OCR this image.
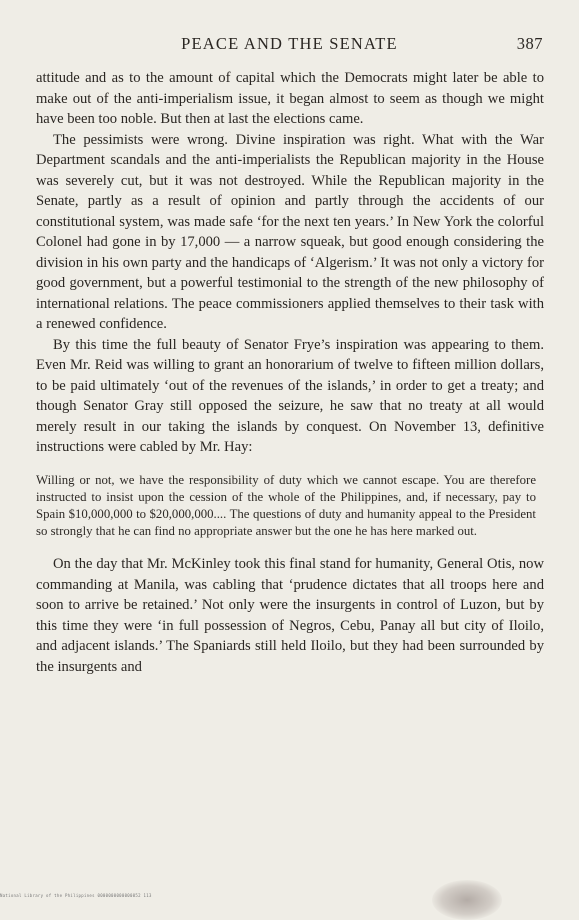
PEACE AND THE SENATE	387

attitude and as to the amount of capital which the Democrats might later be able to make out of the anti-imperialism issue, it began almost to seem as though we might have been too noble. But then at last the elections came.

The pessimists were wrong. Divine inspiration was right. What with the War Department scandals and the anti-imperialists the Republican majority in the House was severely cut, but it was not destroyed. While the Republican majority in the Senate, partly as a result of opinion and partly through the accidents of our constitutional system, was made safe ‘for the next ten years.’ In New York the colorful Colonel had gone in by 17,000 — a narrow squeak, but good enough considering the division in his own party and the handicaps of ‘Algerism.’ It was not only a victory for good government, but a powerful testimonial to the strength of the new philosophy of international relations. The peace commissioners applied themselves to their task with a renewed confidence.

By this time the full beauty of Senator Frye’s inspiration was appearing to them. Even Mr. Reid was willing to grant an honorarium of twelve to fifteen million dollars, to be paid ultimately ‘out of the revenues of the islands,’ in order to get a treaty; and though Senator Gray still opposed the seizure, he saw that no treaty at all would merely result in our taking the islands by conquest. On November 13, definitive instructions were cabled by Mr. Hay:

Willing or not, we have the responsibility of duty which we cannot escape. You are therefore instructed to insist upon the cession of the whole of the Philippines, and, if necessary, pay to Spain $10,000,000 to $20,000,000.... The questions of duty and humanity appeal to the President so strongly that he can find no appropriate answer but the one he has here marked out.

On the day that Mr. McKinley took this final stand for humanity, General Otis, now commanding at Manila, was cabling that ‘prudence dictates that all troops here and soon to arrive be retained.’ Not only were the insurgents in control of Luzon, but by this time they were ‘in full possession of Negros, Cebu, Panay all but city of Iloilo, and adjacent islands.’ The Spaniards still held Iloilo, but they had been surrounded by the insurgents and

National Library of the Philippines 0000000000000052 113
